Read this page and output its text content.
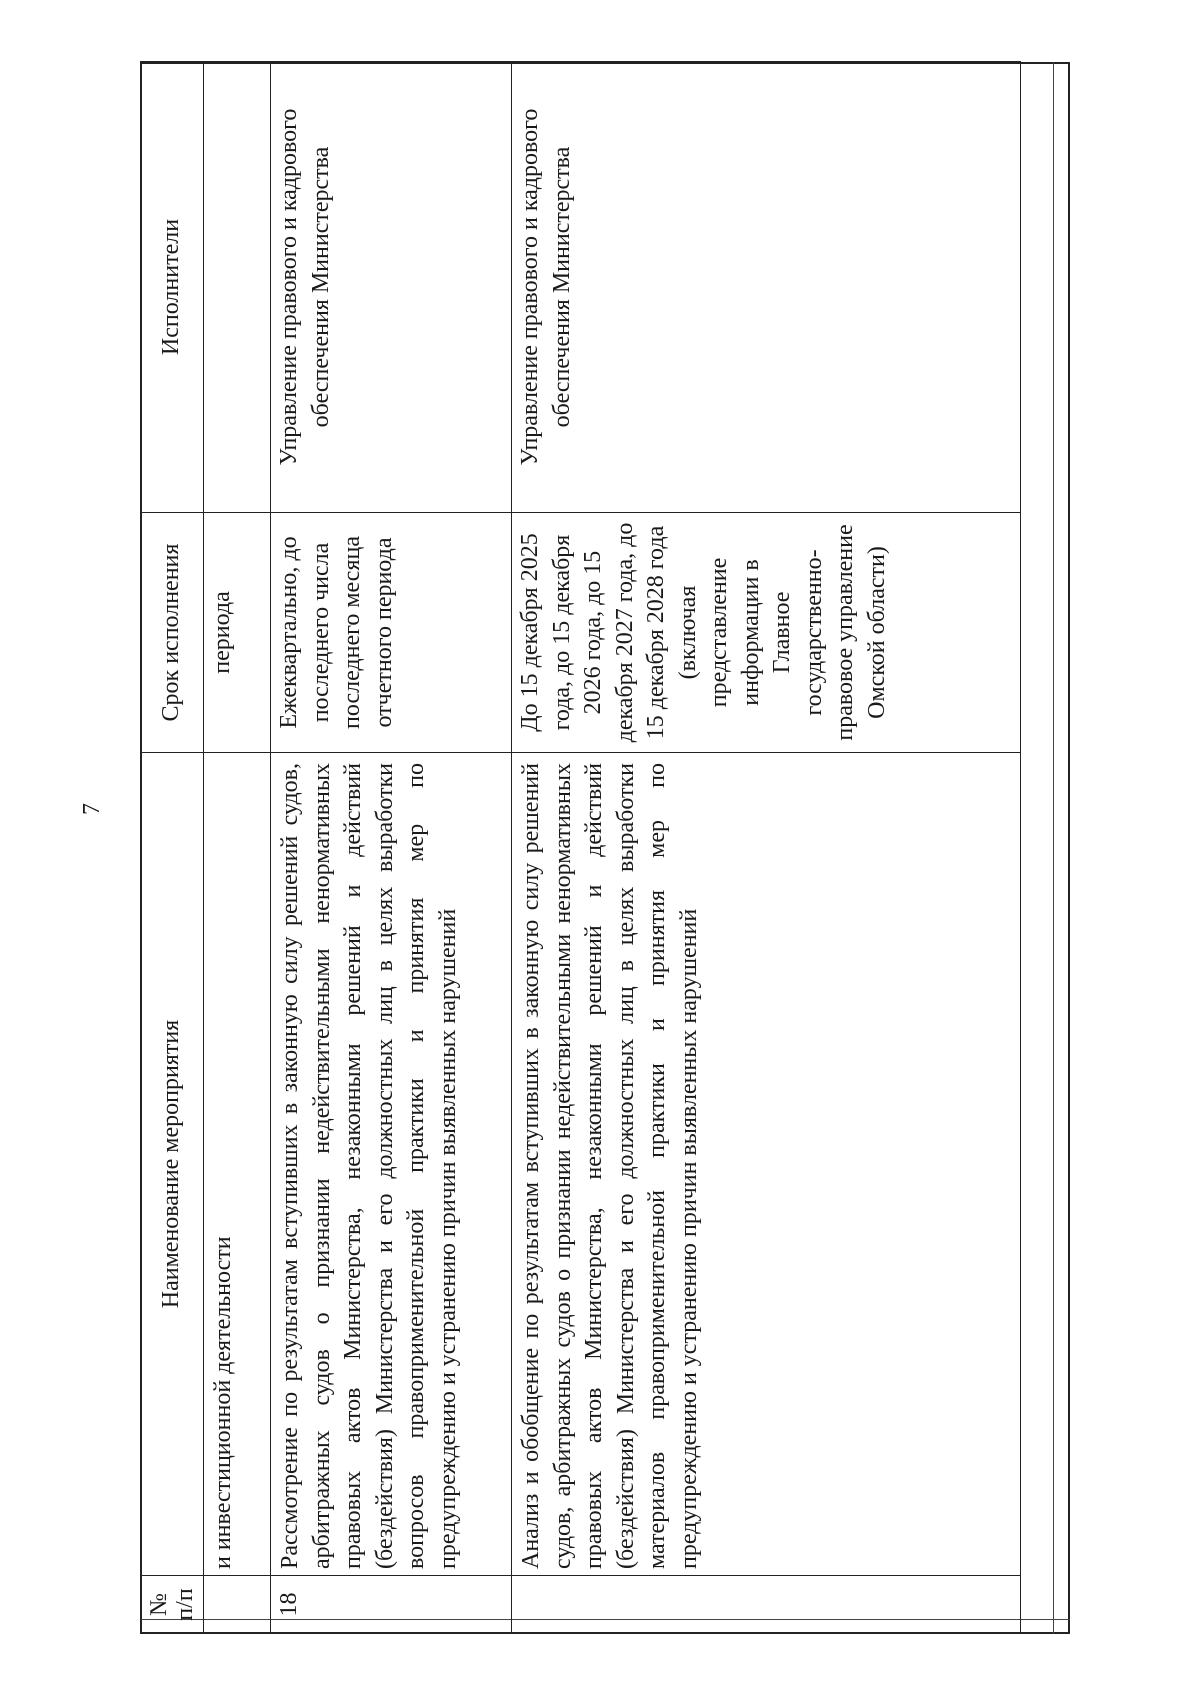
7
№
п/п	Наименование мероприятия	Срок исполнения	Исполнители
	и инвестиционной деятельности	периода	
18	Рассмотрение по результатам вступивших в законную силу решений судов, арбитражных судов о признании недействительными ненормативных правовых актов Министерства, незаконными решений и действий (бездействия) Министерства и его должностных лиц в целях выработки вопросов правоприменительной практики и принятия мер по предупреждению и устранению причин выявленных нарушений	Ежеквартально, до последнего числа последнего месяца отчетного периода	Управление правового и кадрового обеспечения Министерства
	Анализ и обобщение по результатам вступивших в законную силу решений судов, арбитражных судов о признании недействительными ненормативных правовых актов Министерства, незаконными решений и действий (бездействия) Министерства и его должностных лиц в целях выработки материалов правоприменительной практики и принятия мер по предупреждению и устранению причин выявленных нарушений	До 15 декабря 2025 года, до 15 декабря 2026 года, до 15 декабря 2027 года, до 15 декабря 2028 года (включая представление информации в Главное государственно-правовое управление Омской области)	Управление правового и кадрового обеспечения Министерства
